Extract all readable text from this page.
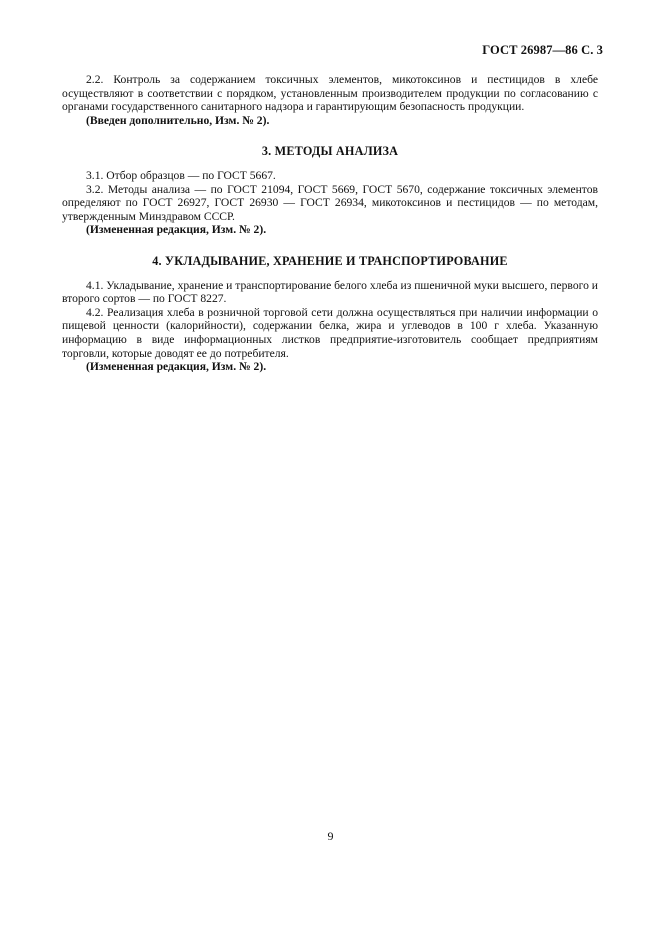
ГОСТ 26987—86 С. 3

2.2. Контроль за содержанием токсичных элементов, микотоксинов и пестицидов в хлебе осуществляют в соответствии с порядком, установленным производителем продукции по согласованию с органами государственного санитарного надзора и гарантирующим безопасность продукции.

(Введен дополнительно, Изм. № 2).

3. МЕТОДЫ АНАЛИЗА

3.1. Отбор образцов — по ГОСТ 5667.

3.2. Методы анализа — по ГОСТ 21094, ГОСТ 5669, ГОСТ 5670, содержание токсичных элементов определяют по ГОСТ 26927, ГОСТ 26930 — ГОСТ 26934, микотоксинов и пестицидов — по методам, утвержденным Минздравом СССР.

(Измененная редакция, Изм. № 2).

4. УКЛАДЫВАНИЕ, ХРАНЕНИЕ И ТРАНСПОРТИРОВАНИЕ

4.1. Укладывание, хранение и транспортирование белого хлеба из пшеничной муки высшего, первого и второго сортов — по ГОСТ 8227.

4.2. Реализация хлеба в розничной торговой сети должна осуществляться при наличии информации о пищевой ценности (калорийности), содержании белка, жира и углеводов в 100 г хлеба. Указанную информацию в виде информационных листков предприятие-изготовитель сообщает предприятиям торговли, которые доводят ее до потребителя.

(Измененная редакция, Изм. № 2).

9
